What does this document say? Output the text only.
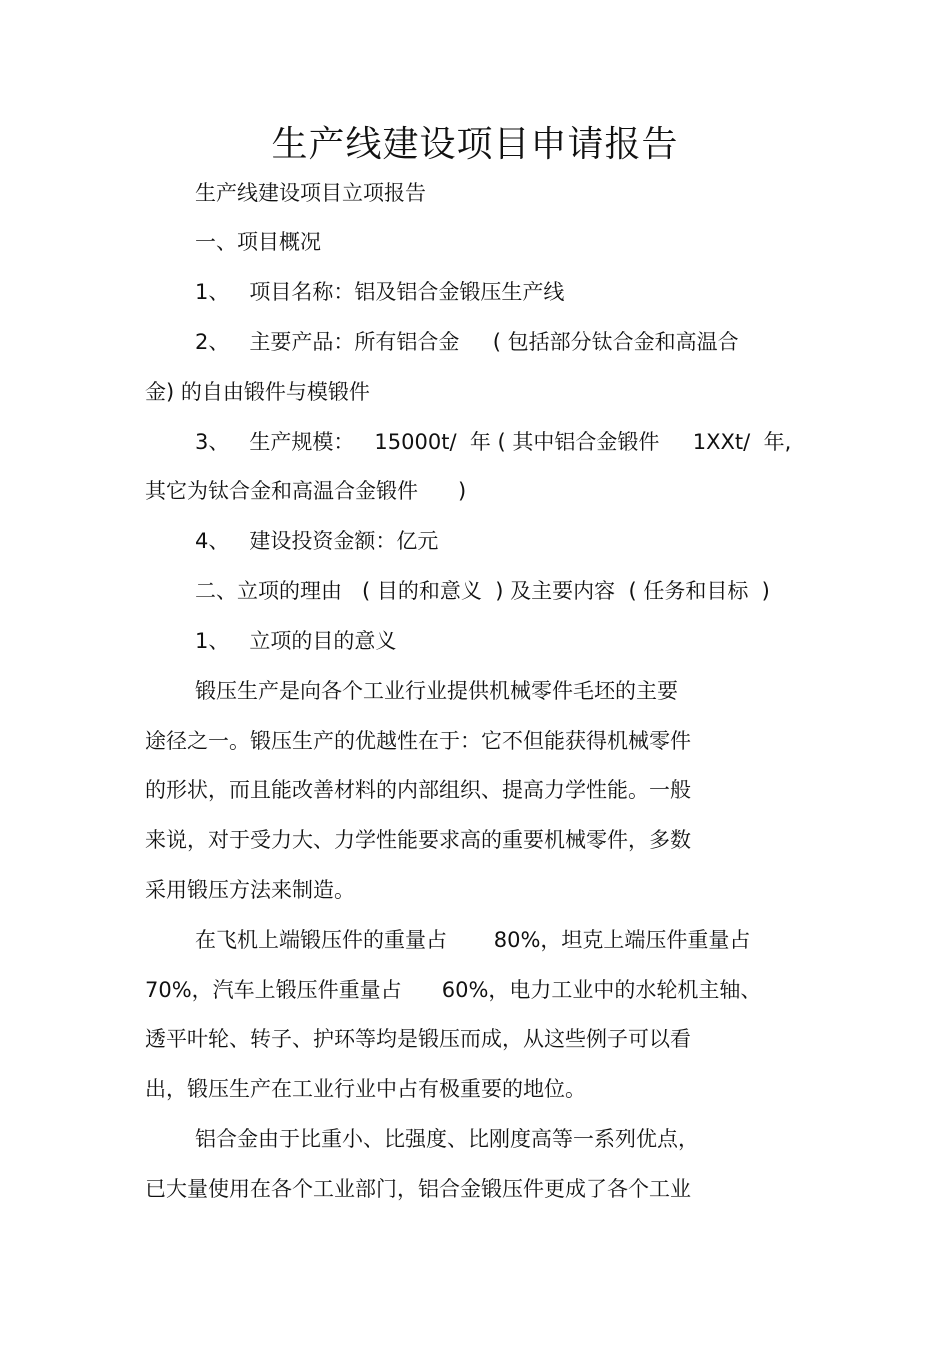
生产线建设项目申请报告

生产线建设项目立项报告

一、项目概况

1、   项目名称：铝及铝合金锻压生产线

2、   主要产品：所有铝合金     ( 包括部分钛合金和高温合

金) 的自由锻件与模锻件

3、   生产规模：   15000t/  年 ( 其中铝合金锻件     1XXt/  年,

其它为钛合金和高温合金锻件      )

4、   建设投资金额：亿元

二、立项的理由   ( 目的和意义  ) 及主要内容  ( 任务和目标  )

1、   立项的目的意义

锻压生产是向各个工业行业提供机械零件毛坯的主要

途径之一。锻压生产的优越性在于：它不但能获得机械零件

的形状，而且能改善材料的内部组织、提高力学性能。一般

来说，对于受力大、力学性能要求高的重要机械零件，多数

采用锻压方法来制造。

在飞机上端锻压件的重量占       80%，坦克上端压件重量占

70%，汽车上锻压件重量占      60%，电力工业中的水轮机主轴、

透平叶轮、转子、护环等均是锻压而成，从这些例子可以看

出，锻压生产在工业行业中占有极重要的地位。

铝合金由于比重小、比强度、比刚度高等一系列优点，

已大量使用在各个工业部门，铝合金锻压件更成了各个工业
